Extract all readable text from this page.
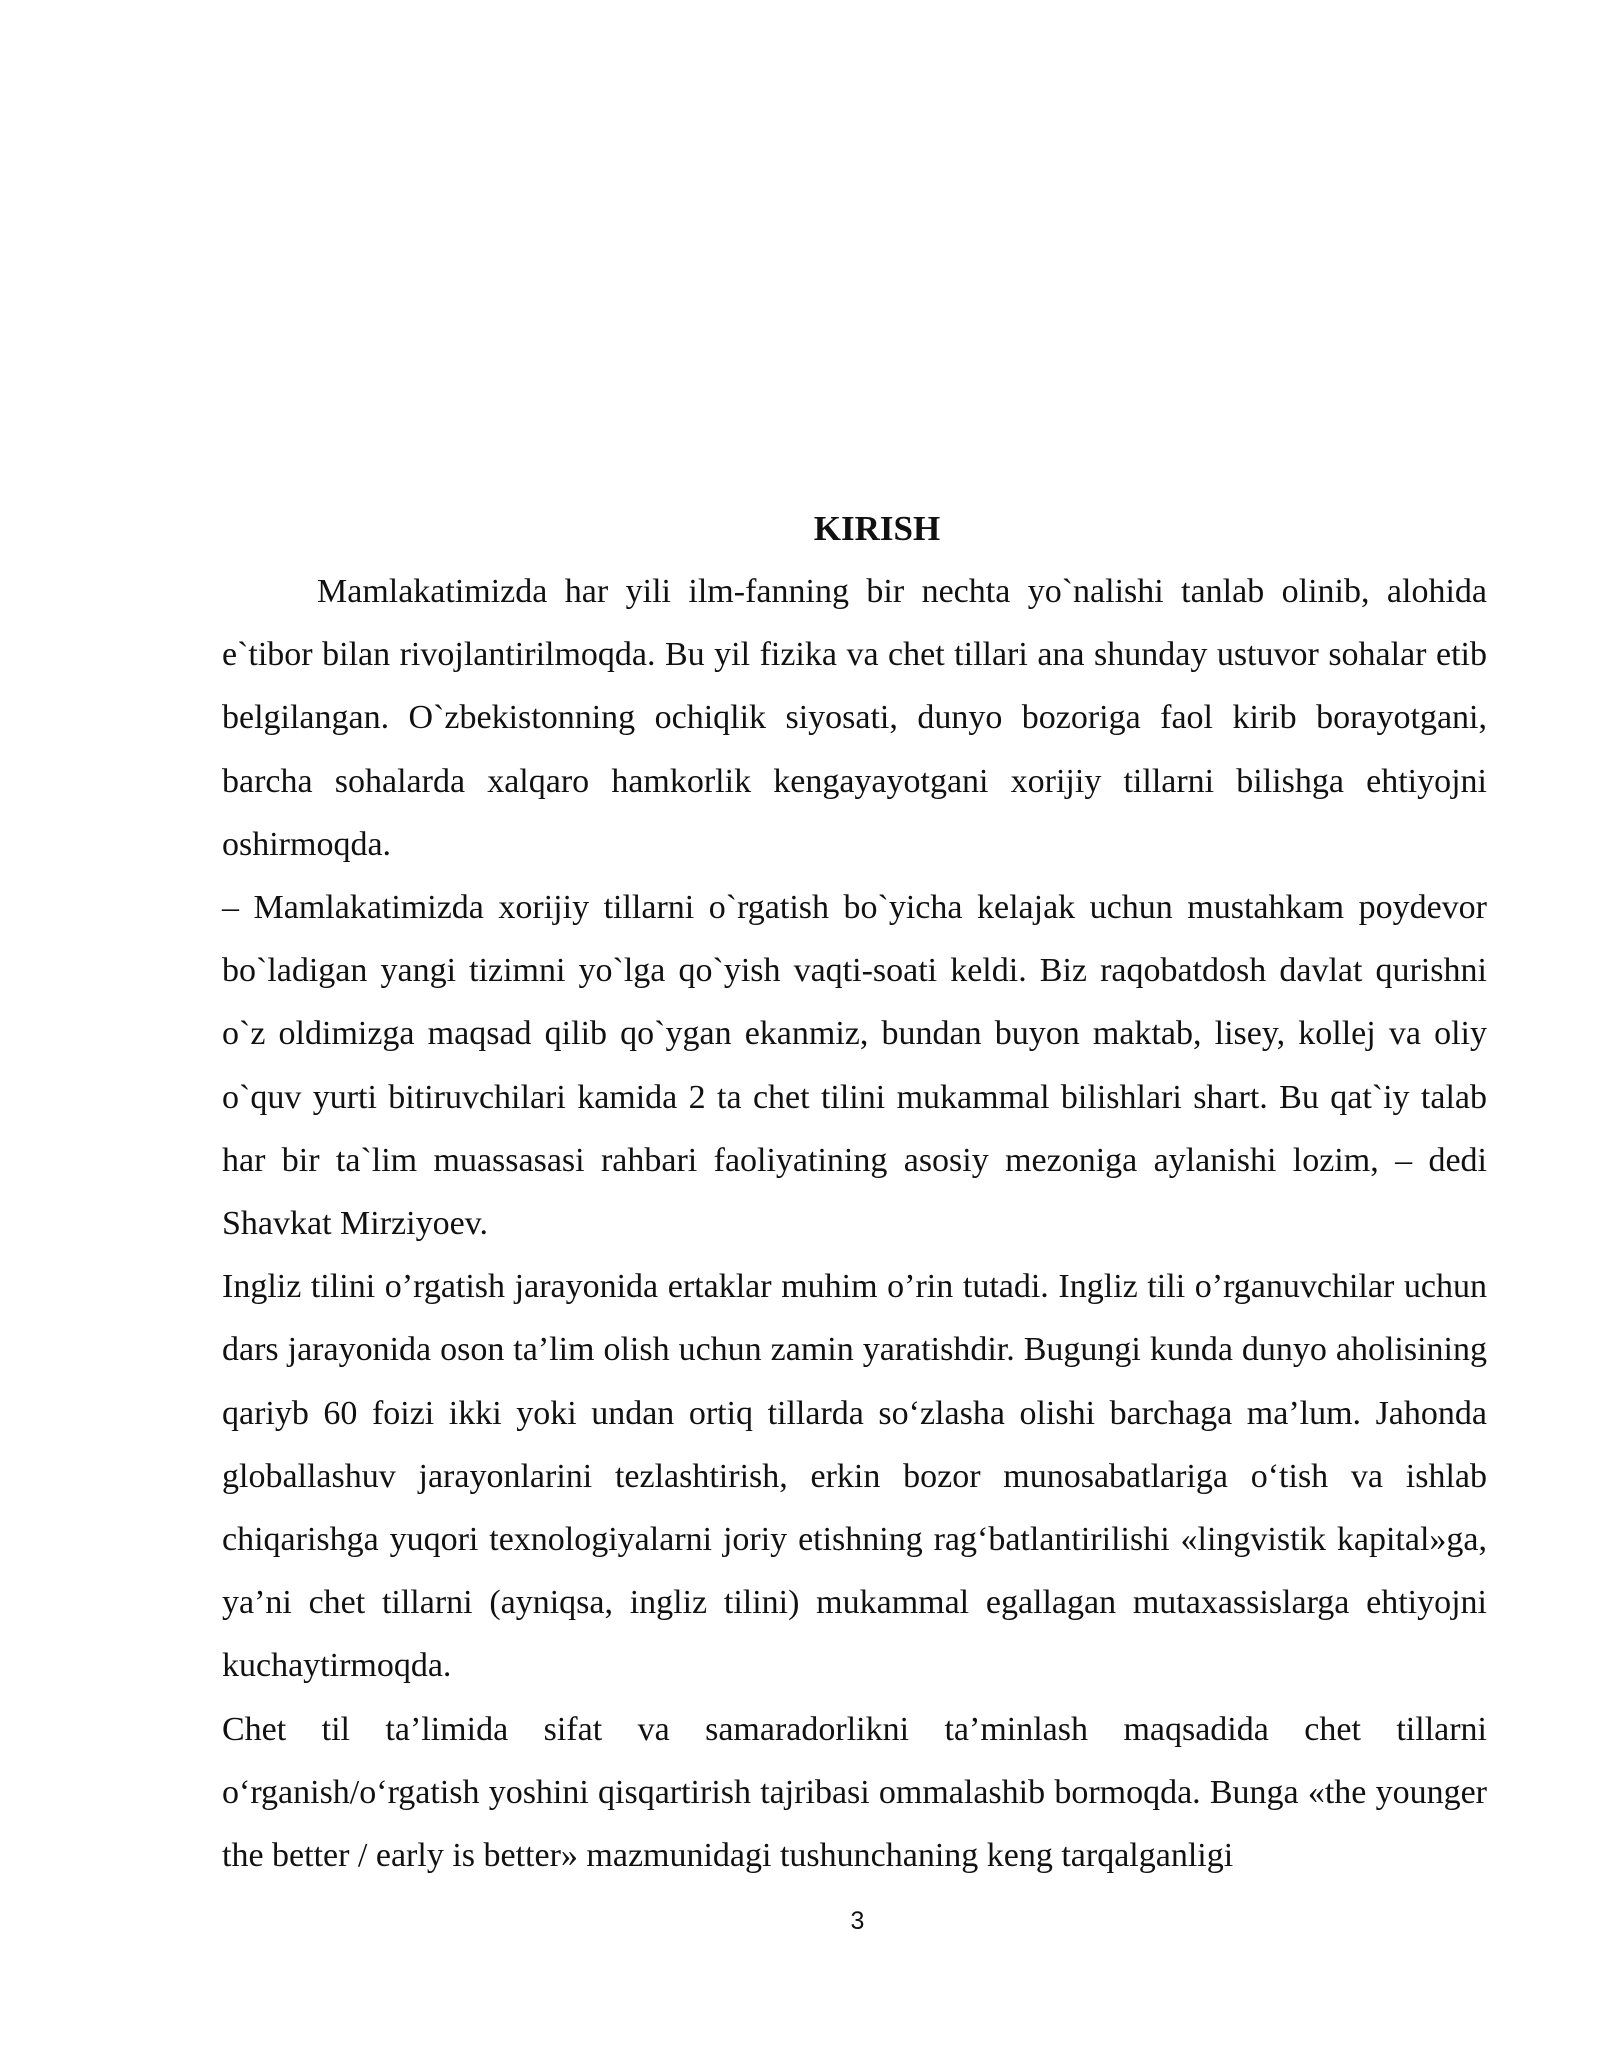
KIRISH

Mamlakatimizda har yili ilm-fanning bir nechta yo`nalishi tanlab olinib, alohida e`tibor bilan rivojlantirilmoqda. Bu yil fizika va chet tillari ana shunday ustuvor sohalar etib belgilangan. O`zbekistonning ochiqlik siyosati, dunyo bozoriga faol kirib borayotgani, barcha sohalarda xalqaro hamkorlik kengayayotgani xorijiy tillarni bilishga ehtiyojni oshirmoqda.

– Mamlakatimizda xorijiy tillarni o`rgatish bo`yicha kelajak uchun mustahkam poydevor bo`ladigan yangi tizimni yo`lga qo`yish vaqti-soati keldi. Biz raqobatdosh davlat qurishni o`z oldimizga maqsad qilib qo`ygan ekanmiz, bundan buyon maktab, lisey, kollej va oliy o`quv yurti bitiruvchilari kamida 2 ta chet tilini mukammal bilishlari shart. Bu qat`iy talab har bir ta`lim muassasasi rahbari faoliyatining asosiy mezoniga aylanishi lozim, – dedi Shavkat Mirziyoev.

Ingliz tilini o’rgatish jarayonida ertaklar muhim o’rin tutadi. Ingliz tili o’rganuvchilar uchun dars jarayonida oson ta’lim olish uchun zamin yaratishdir. Bugungi kunda dunyo aholisining qariyb 60 foizi ikki yoki undan ortiq tillarda so‘zlasha olishi barchaga ma’lum. Jahonda globallashuv jarayonlarini tezlashtirish, erkin bozor munosabatlariga o‘tish va ishlab chiqarishga yuqori texnologiyalarni joriy etishning rag‘batlantirilishi «lingvistik kapital»ga, ya’ni chet tillarni (ayniqsa, ingliz tilini) mukammal egallagan mutaxassislarga ehtiyojni kuchaytirmoqda.

Chet til ta’limida sifat va samaradorlikni ta’minlash maqsadida chet tillarni o‘rganish/o‘rgatish yoshini qisqartirish tajribasi ommalashib bormoqda. Bunga «the younger the better / early is better» mazmunidagi tushunchaning keng tarqalganligi

3
